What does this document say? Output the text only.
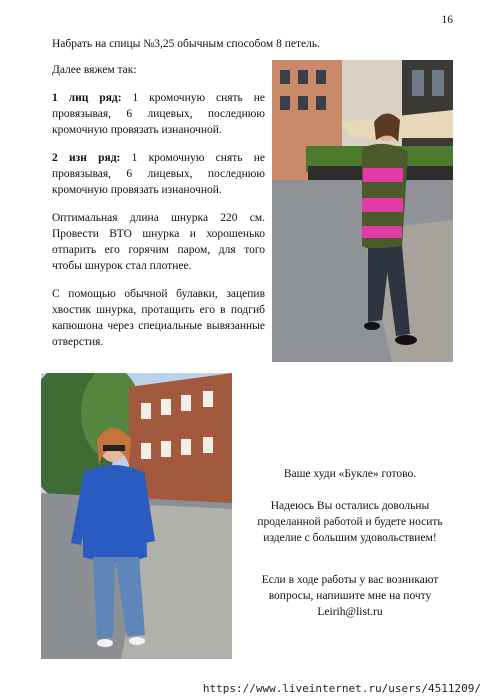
16
Набрать на спицы №3,25 обычным способом 8 петель.

Далее вяжем так:

1 лиц ряд: 1 кромочную снять не провязывая, 6 лицевых, последнюю кромочную провязать изнаночной.

2 изн ряд: 1 кромочную снять не провязывая, 6 лицевых, последнюю кромочную провязать изнаночной.

Оптимальная длина шнурка 220 см. Провести ВТО шнурка и хорошенько отпарить его горячим паром, для того чтобы шнурок стал плотнее.

С помощью обычной булавки, зацепив хвостик шнурка, протащить его в подгиб капюшона через специальные вывязанные отверстия.

Ваше худи «Букле» готово.

Надеюсь Вы остались довольны проделанной работой и будете носить изделие с большим удовольствием!

Если в ходе работы у вас возникают вопросы, напишите мне на почту
Leirih@list.ru

https://www.liveinternet.ru/users/4511209/
